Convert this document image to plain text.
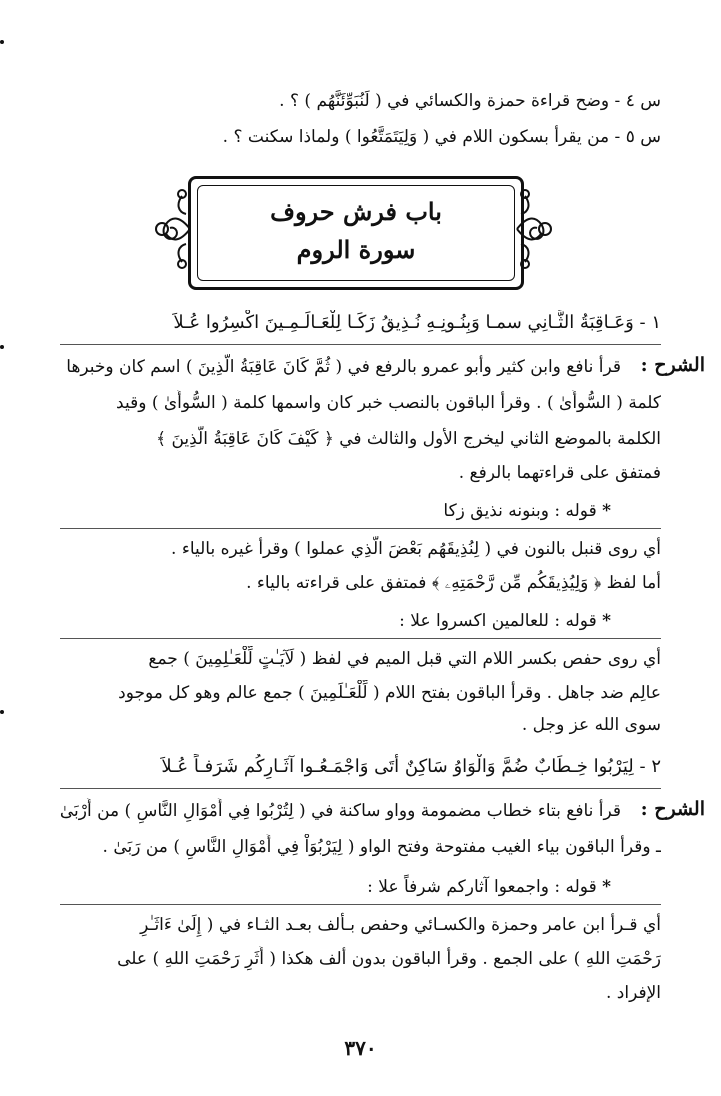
س ٤ - وضح قراءة حمزة والكسائي في ( لَنُبَوِّئَنَّهُم ) ؟ .
س ٥ - من يقرأ بسكون اللام في ( وَلِيَتَمَتَّعُوا ) ولماذا سكنت ؟ .
باب فرش حروف
سورة الروم
١ - وَعَـاقِبَةُ الثَّـانِي سمـا وَبِنُـونِـهِ نُـذِيقُ زَكَـا لِلْعَـالَـمِـينَ اكْسِرُوا عُـلاَ
الشرح :
قرأ نافع وابن كثير وأبو عمرو بالرفع في ( ثُمَّ كَانَ عَاقِبَةُ الَّذِينَ ) اسم كان وخبرها
كلمة ( السُّوأَىٰ ) . وقرأ الباقون بالنصب خبر كان واسمها كلمة ( السُّوأَىٰ ) وقيد
الكلمة بالموضع الثاني ليخرج الأول والثالث في ﴿ كَيْفَ كَانَ عَاقِبَةُ الَّذِينَ ﴾
فمتفق على قراءتهما بالرفع .
* قوله : وبنونه نذيق زكا
أي روى قنبل بالنون في ( لِنُذِيقَهُم بَعْضَ الَّذِي عملوا ) وقرأ غيره بالياء .
أما لفظ ﴿ وَلِيُذِيقَكُم مِّن رَّحْمَتِهِۦ ﴾ فمتفق على قراءته بالياء .
* قوله : للعالمين اكسروا علا :
أي روى حفص بكسر اللام التي قبل الميم في لفظ ( لَآيَـٰتٍ لِّلْعَـٰلِمِينَ ) جمع
عالِم ضد جاهل . وقرأ الباقون بفتح اللام ( لِّلْعَـٰلَمِينَ ) جمع عالم وهو كل موجود
سوى الله عز وجل .
٢ - لِيَرْبُوا خِـطَابٌ ضُمَّ وَالْوَاوُ سَاكِنٌ أَتَى وَاجْمَـعُـوا آثَـارِكُم شَرَفـاً عُـلاَ
الشرح :
قرأ نافع بتاء خطاب مضمومة وواو ساكنة في ( لِتُرْبُوا فِي أَمْوَالِ النَّاسِ ) من أَرْبَىٰ
ـ وقرأ الباقون بياء الغيب مفتوحة وفتح الواو ( لِيَرْبُوَاْ فِي أَمْوَالِ النَّاسِ ) من رَبَىٰ .
* قوله : واجمعوا آثاركم شرفاً علا :
أي قـرأ ابن عامر وحمزة والكسـائي وحفص بـألف بعـد الثـاء في ( إِلَىٰ ءَاثَـٰرِ
رَحْمَتِ اللهِ ) على الجمع . وقرأ الباقون بدون ألف هكذا ( أَثَرِ رَحْمَتِ اللهِ ) على
الإفراد .
٣٧٠
